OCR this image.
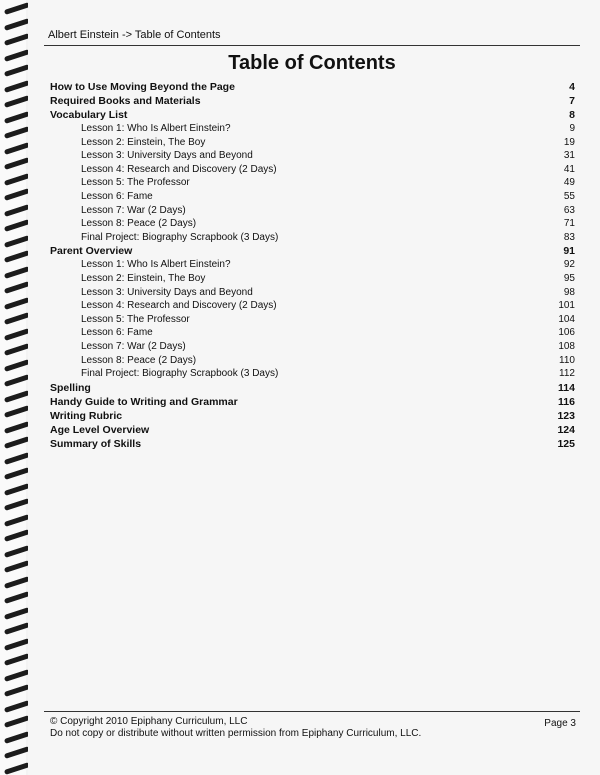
Albert Einstein -> Table of Contents
Table of Contents
How to Use Moving Beyond the Page	4
Required Books and Materials	7
Vocabulary List	8
Lesson 1: Who Is Albert Einstein?	9
Lesson 2: Einstein, The Boy	19
Lesson 3: University Days and Beyond	31
Lesson 4: Research and Discovery (2 Days)	41
Lesson 5: The Professor	49
Lesson 6: Fame	55
Lesson 7: War (2 Days)	63
Lesson 8: Peace (2 Days)	71
Final Project: Biography Scrapbook (3 Days)	83
Parent Overview	91
Lesson 1: Who Is Albert Einstein?	92
Lesson 2: Einstein, The Boy	95
Lesson 3: University Days and Beyond	98
Lesson 4: Research and Discovery (2 Days)	101
Lesson 5: The Professor	104
Lesson 6: Fame	106
Lesson 7: War (2 Days)	108
Lesson 8: Peace (2 Days)	110
Final Project: Biography Scrapbook (3 Days)	112
Spelling	114
Handy Guide to Writing and Grammar	116
Writing Rubric	123
Age Level Overview	124
Summary of Skills	125
© Copyright 2010 Epiphany Curriculum, LLC
Do not copy or distribute without written permission from Epiphany Curriculum, LLC.
Page 3
